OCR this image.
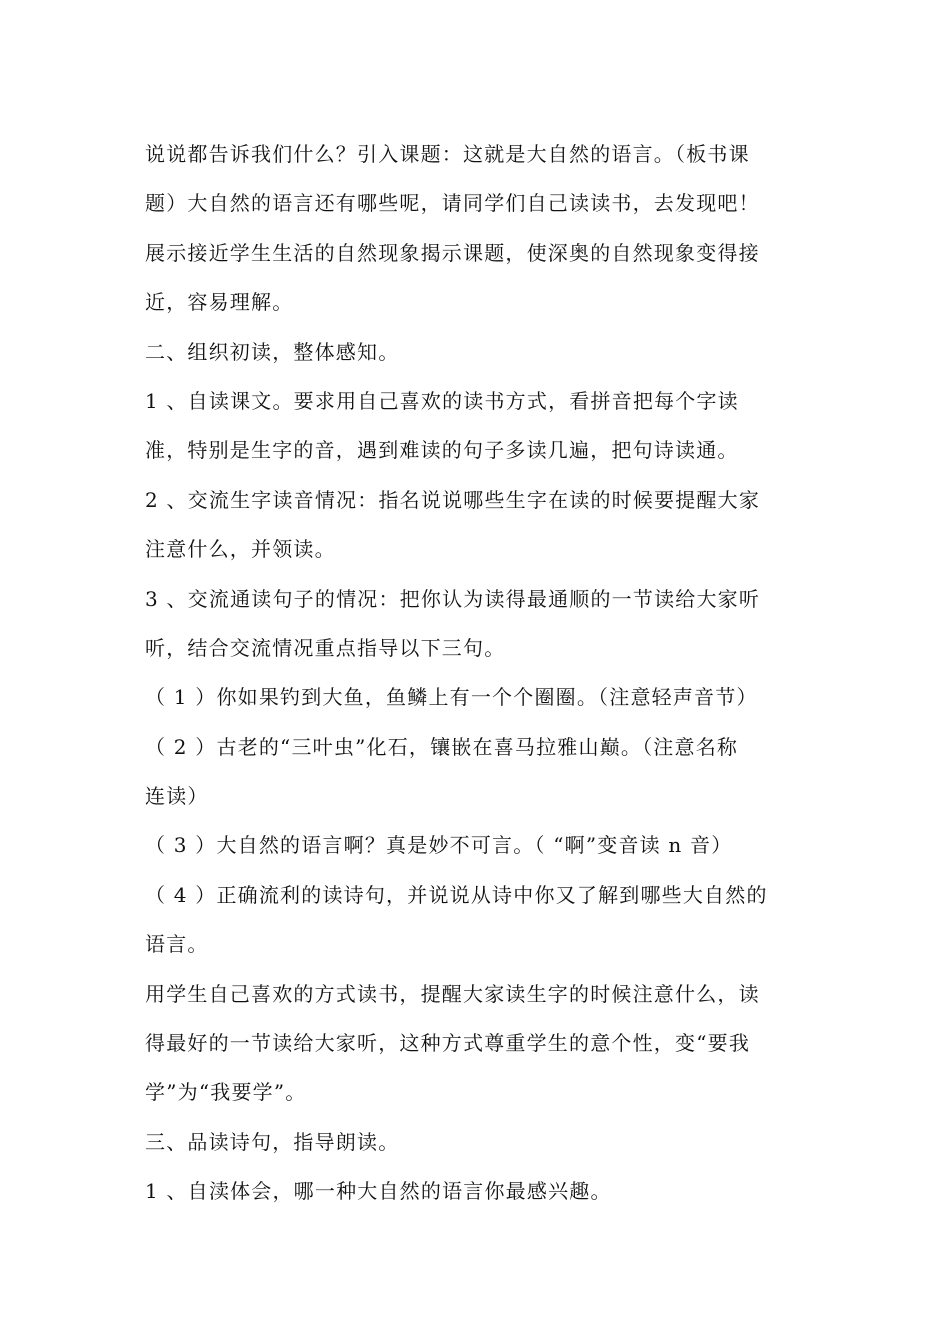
说说都告诉我们什么？引入课题：这就是大自然的语言。（板书课
题）大自然的语言还有哪些呢，请同学们自己读读书，去发现吧！
展示接近学生生活的自然现象揭示课题，使深奥的自然现象变得接
近，容易理解。
二、组织初读，整体感知。
1 、自读课文。要求用自己喜欢的读书方式，看拼音把每个字读
准，特别是生字的音，遇到难读的句子多读几遍，把句诗读通。
2 、交流生字读音情况：指名说说哪些生字在读的时候要提醒大家
注意什么，并领读。
3 、交流通读句子的情况：把你认为读得最通顺的一节读给大家听
听，结合交流情况重点指导以下三句。
（ 1 ）你如果钓到大鱼，鱼鳞上有一个个圈圈。（注意轻声音节）
（ 2 ）古老的“三叶虫”化石，镶嵌在喜马拉雅山巅。（注意名称
连读）
（ 3 ）大自然的语言啊？真是妙不可言。（ “啊”变音读 n 音）
（ 4 ）正确流利的读诗句，并说说从诗中你又了解到哪些大自然的
语言。
用学生自己喜欢的方式读书，提醒大家读生字的时候注意什么，读
得最好的一节读给大家听，这种方式尊重学生的意个性，变“要我
学”为“我要学”。
三、品读诗句，指导朗读。
1 、自渎体会，哪一种大自然的语言你最感兴趣。
